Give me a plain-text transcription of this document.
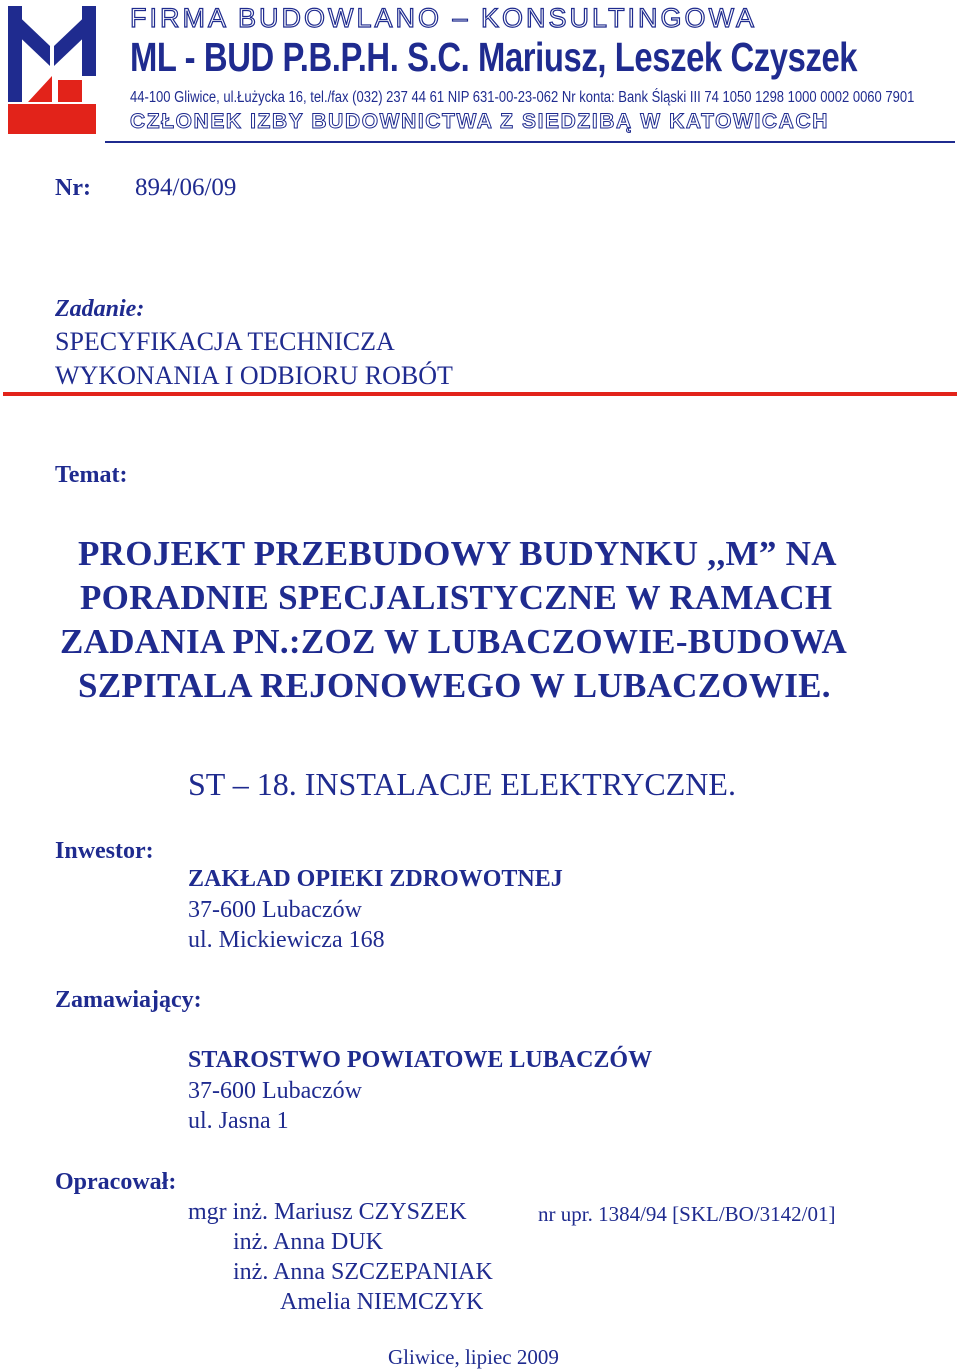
FIRMA BUDOWLANO – KONSULTINGOWA
ML - BUD P.B.P.H. S.C. Mariusz, Leszek Czyszek
44-100 Gliwice, ul.Łużycka 16, tel./fax (032) 237 44 61 NIP 631-00-23-062 Nr konta: Bank Śląski III 74 1050 1298 1000 0002 0060 7901
CZŁONEK IZBY BUDOWNICTWA Z SIEDZIBĄ W KATOWICACH
Nr: 894/06/09
Zadanie:
SPECYFIKACJA TECHNICZA
WYKONANIA I ODBIORU ROBÓT
Temat:
PROJEKT PRZEBUDOWY BUDYNKU ,,M” NA
PORADNIE SPECJALISTYCZNE W RAMACH
ZADANIA PN.:ZOZ W LUBACZOWIE-BUDOWA
SZPITALA REJONOWEGO W LUBACZOWIE.
ST – 18. INSTALACJE ELEKTRYCZNE.
Inwestor:
ZAKŁAD OPIEKI ZDROWOTNEJ
37-600 Lubaczów
ul. Mickiewicza 168
Zamawiający:
STAROSTWO POWIATOWE LUBACZÓW
37-600 Lubaczów
ul. Jasna 1
Opracował:
mgr inż. Mariusz CZYSZEK	nr upr. 1384/94 [SKL/BO/3142/01]
inż. Anna DUK
inż. Anna SZCZEPANIAK
Amelia NIEMCZYK
Gliwice, lipiec 2009
